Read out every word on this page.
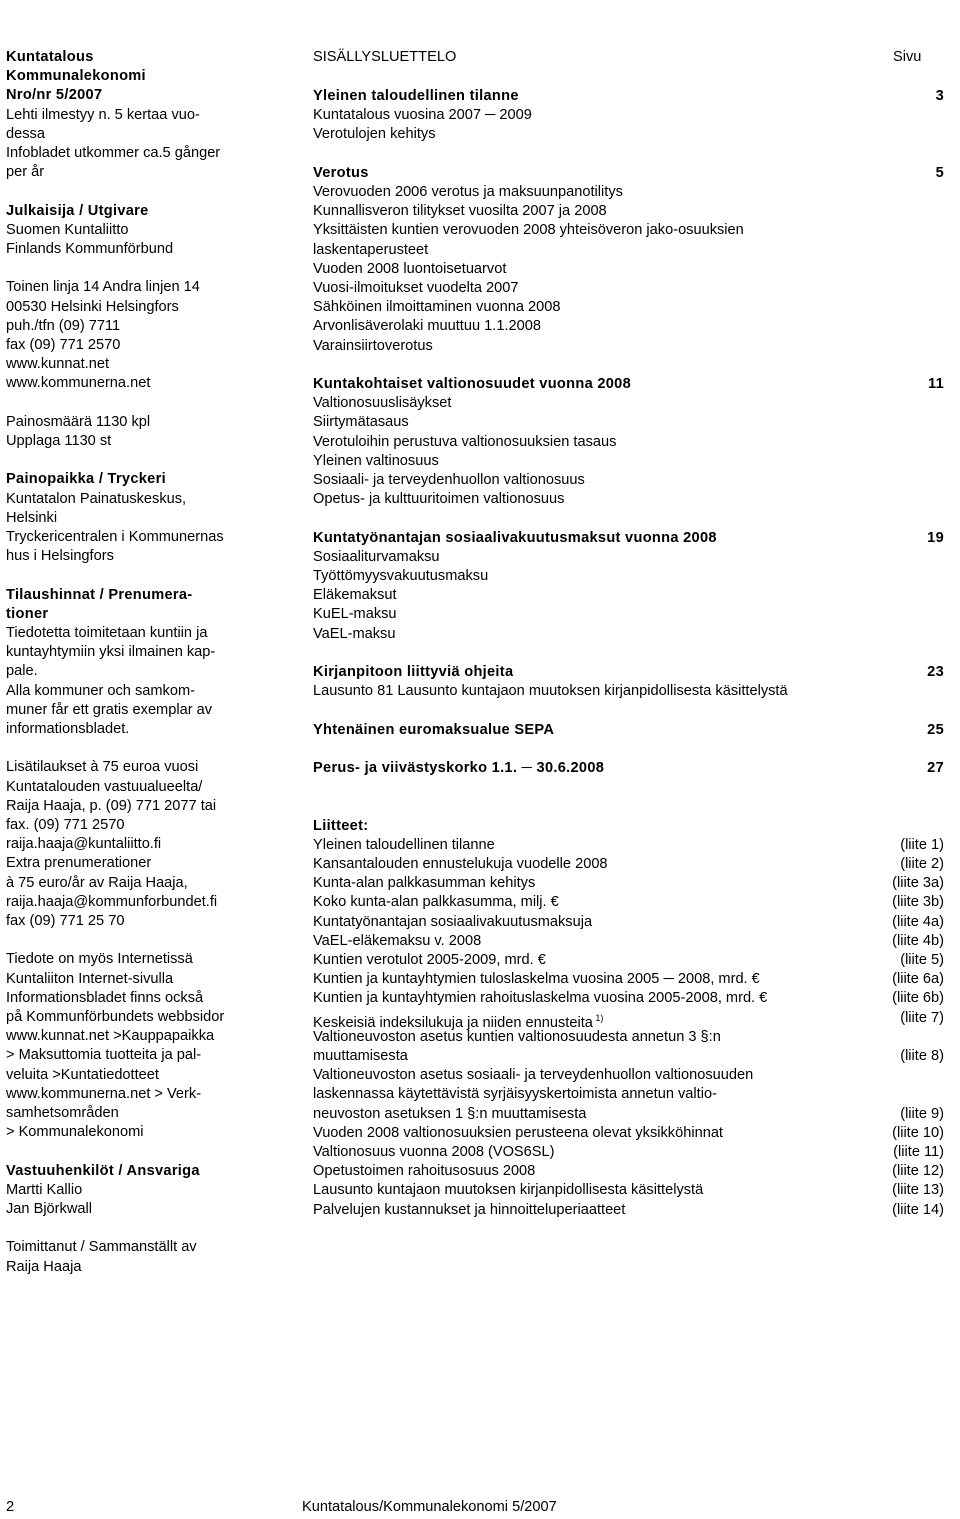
Kuntatalous
Kommunalekonomi
Nro/nr 5/2007
Lehti ilmestyy n. 5 kertaa vuo-
dessa
Infobladet utkommer ca.5 gånger
per år
Julkaisija / Utgivare
Suomen Kuntaliitto
Finlands Kommunförbund
Toinen linja 14 Andra linjen 14
00530 Helsinki Helsingfors
puh./tfn (09) 7711
fax (09) 771 2570
www.kunnat.net
www.kommunerna.net
Painosmäärä 1130 kpl
Upplaga 1130 st
Painopaikka / Tryckeri
Kuntatalon Painatuskeskus,
Helsinki
Tryckericentralen i Kommunernas
hus i Helsingfors
Tilaushinnat / Prenumera-
tioner
Tiedotetta toimitetaan kuntiin ja
kuntayhtymiin yksi ilmainen kap-
pale.
Alla kommuner och samkom-
muner får ett gratis exemplar av
informationsbladet.
Lisätilaukset à 75 euroa vuosi
Kuntatalouden vastuualueelta/
Raija Haaja, p. (09) 771 2077 tai
fax. (09) 771 2570
raija.haaja@kuntaliitto.fi
Extra prenumerationer
à 75 euro/år av Raija Haaja,
raija.haaja@kommunforbundet.fi
fax (09) 771 25 70
Tiedote on myös Internetissä
Kuntaliiton Internet-sivulla
Informationsbladet finns också
på Kommunförbundets webbsidor
www.kunnat.net >Kauppapaikka
> Maksuttomia tuotteita ja pal-
veluita >Kuntatiedotteet
www.kommunerna.net > Verk-
samhetsområden
> Kommunalekonomi
Vastuuhenkilöt / Ansvariga
Martti Kallio
Jan Björkwall
Toimittanut / Sammanställt av
Raija Haaja
SISÄLLYSLUETTELO	Sivu
Yleinen taloudellinen tilanne	3
Kuntatalous vuosina 2007 ─ 2009
Verotulojen kehitys
Verotus	5
Verovuoden 2006 verotus ja maksuunpanotilitys
Kunnallisveron tilitykset vuosilta 2007 ja 2008
Yksittäisten kuntien verovuoden 2008 yhteisöveron jako-osuuksien
laskentaperusteet
Vuoden 2008 luontoisetuarvot
Vuosi-ilmoitukset vuodelta 2007
Sähköinen ilmoittaminen vuonna 2008
Arvonlisäverolaki muuttuu 1.1.2008
Varainsiirtoverotus
Kuntakohtaiset valtionosuudet vuonna 2008	11
Valtionosuuslisäykset
Siirtymätasaus
Verotuloihin perustuva valtionosuuksien tasaus
Yleinen valtinosuus
Sosiaali- ja terveydenhuollon valtionosuus
Opetus- ja kulttuuritoimen valtionosuus
Kuntatyönantajan sosiaalivakuutusmaksut vuonna 2008	19
Sosiaaliturvamaksu
Työttömyysvakuutusmaksu
Eläkemaksut
KuEL-maksu
VaEL-maksu
Kirjanpitoon liittyviä ohjeita	23
Lausunto 81 Lausunto kuntajaon muutoksen kirjanpidollisesta käsittelystä
Yhtenäinen euromaksualue SEPA	25
Perus- ja viivästyskorko 1.1. ─ 30.6.2008	27
Liitteet:
Yleinen taloudellinen tilanne	(liite 1)
Kansantalouden ennustelukuja vuodelle 2008	(liite 2)
Kunta-alan palkkasumman kehitys	(liite 3a)
Koko kunta-alan palkkasumma, milj. €	(liite 3b)
Kuntatyönantajan sosiaalivakuutusmaksuja	(liite 4a)
VaEL-eläkemaksu v. 2008	(liite 4b)
Kuntien verotulot 2005-2009, mrd. €	(liite 5)
Kuntien ja kuntayhtymien tuloslaskelma vuosina 2005 ─ 2008, mrd. €	(liite 6a)
Kuntien ja kuntayhtymien rahoituslaskelma vuosina 2005-2008, mrd. €	(liite 6b)
Keskeisiä indeksilukuja ja niiden ennusteita $^{1)}$	(liite 7)
Valtioneuvoston asetus kuntien valtionosuudesta annetun 3 §:n
muuttamisesta	(liite 8)
Valtioneuvoston asetus sosiaali- ja terveydenhuollon valtionosuuden
laskennassa käytettävistä syrjäisyyskertoimista annetun valtio-
neuvoston asetuksen 1 §:n muuttamisesta	(liite 9)
Vuoden 2008 valtionosuuksien perusteena olevat yksikköhinnat	(liite 10)
Valtionosuus vuonna 2008 (VOS6SL)	(liite 11)
Opetustoimen rahoitusosuus 2008	(liite 12)
Lausunto kuntajaon muutoksen kirjanpidollisesta käsittelystä	(liite 13)
Palvelujen kustannukset ja hinnoitteluperiaatteet	(liite 14)
2	Kuntatalous/Kommunalekonomi 5/2007
